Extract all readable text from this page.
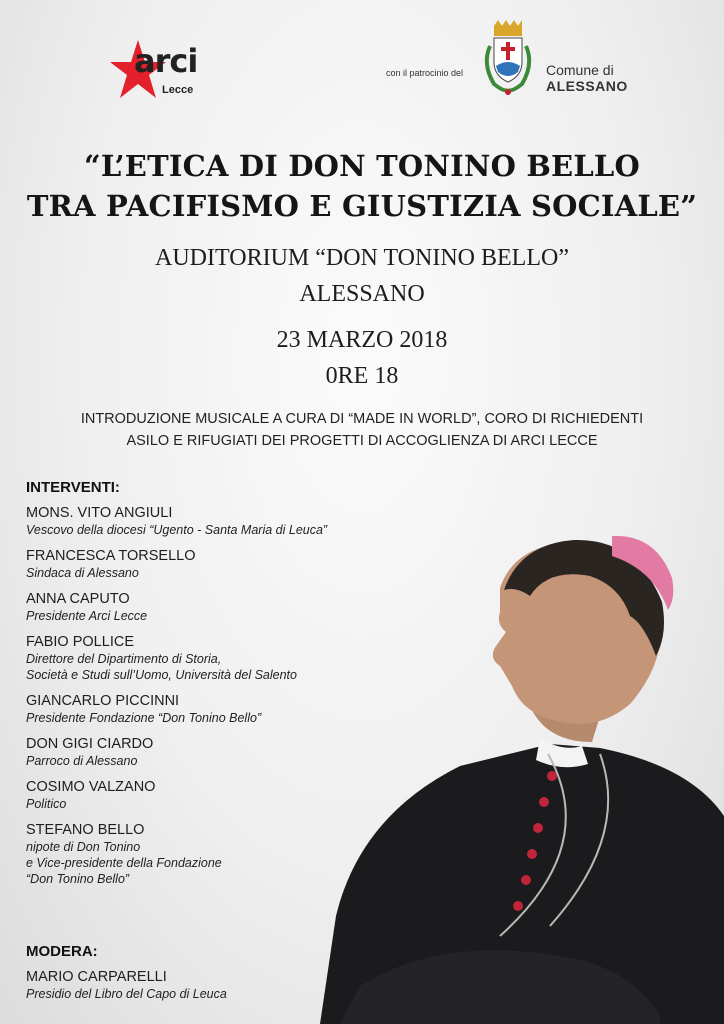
arci
Lecce
con il patrocinio del	Comune di
ALESSANO
“L’ETICA DI DON TONINO BELLO
TRA PACIFISMO E GIUSTIZIA SOCIALE”
AUDITORIUM “DON TONINO BELLO”
ALESSANO
23 MARZO 2018
0RE 18
INTRODUZIONE MUSICALE A CURA DI “MADE IN WORLD”, CORO DI RICHIEDENTI
ASILO E RIFUGIATI DEI PROGETTI DI ACCOGLIENZA DI ARCI LECCE
INTERVENTI:
MONS. VITO ANGIULI
Vescovo della diocesi “Ugento - Santa Maria di Leuca”
FRANCESCA TORSELLO
Sindaca di Alessano
ANNA CAPUTO
Presidente Arci Lecce
FABIO POLLICE
Direttore del Dipartimento di Storia,
Società e Studi sull’Uomo, Università del Salento
GIANCARLO PICCINNI
Presidente Fondazione “Don Tonino Bello”
DON GIGI CIARDO
Parroco di Alessano
COSIMO VALZANO
Politico
STEFANO BELLO
nipote di Don Tonino
e Vice-presidente della Fondazione
“Don Tonino Bello”
MODERA:
MARIO CARPARELLI
Presidio del Libro del Capo di Leuca
